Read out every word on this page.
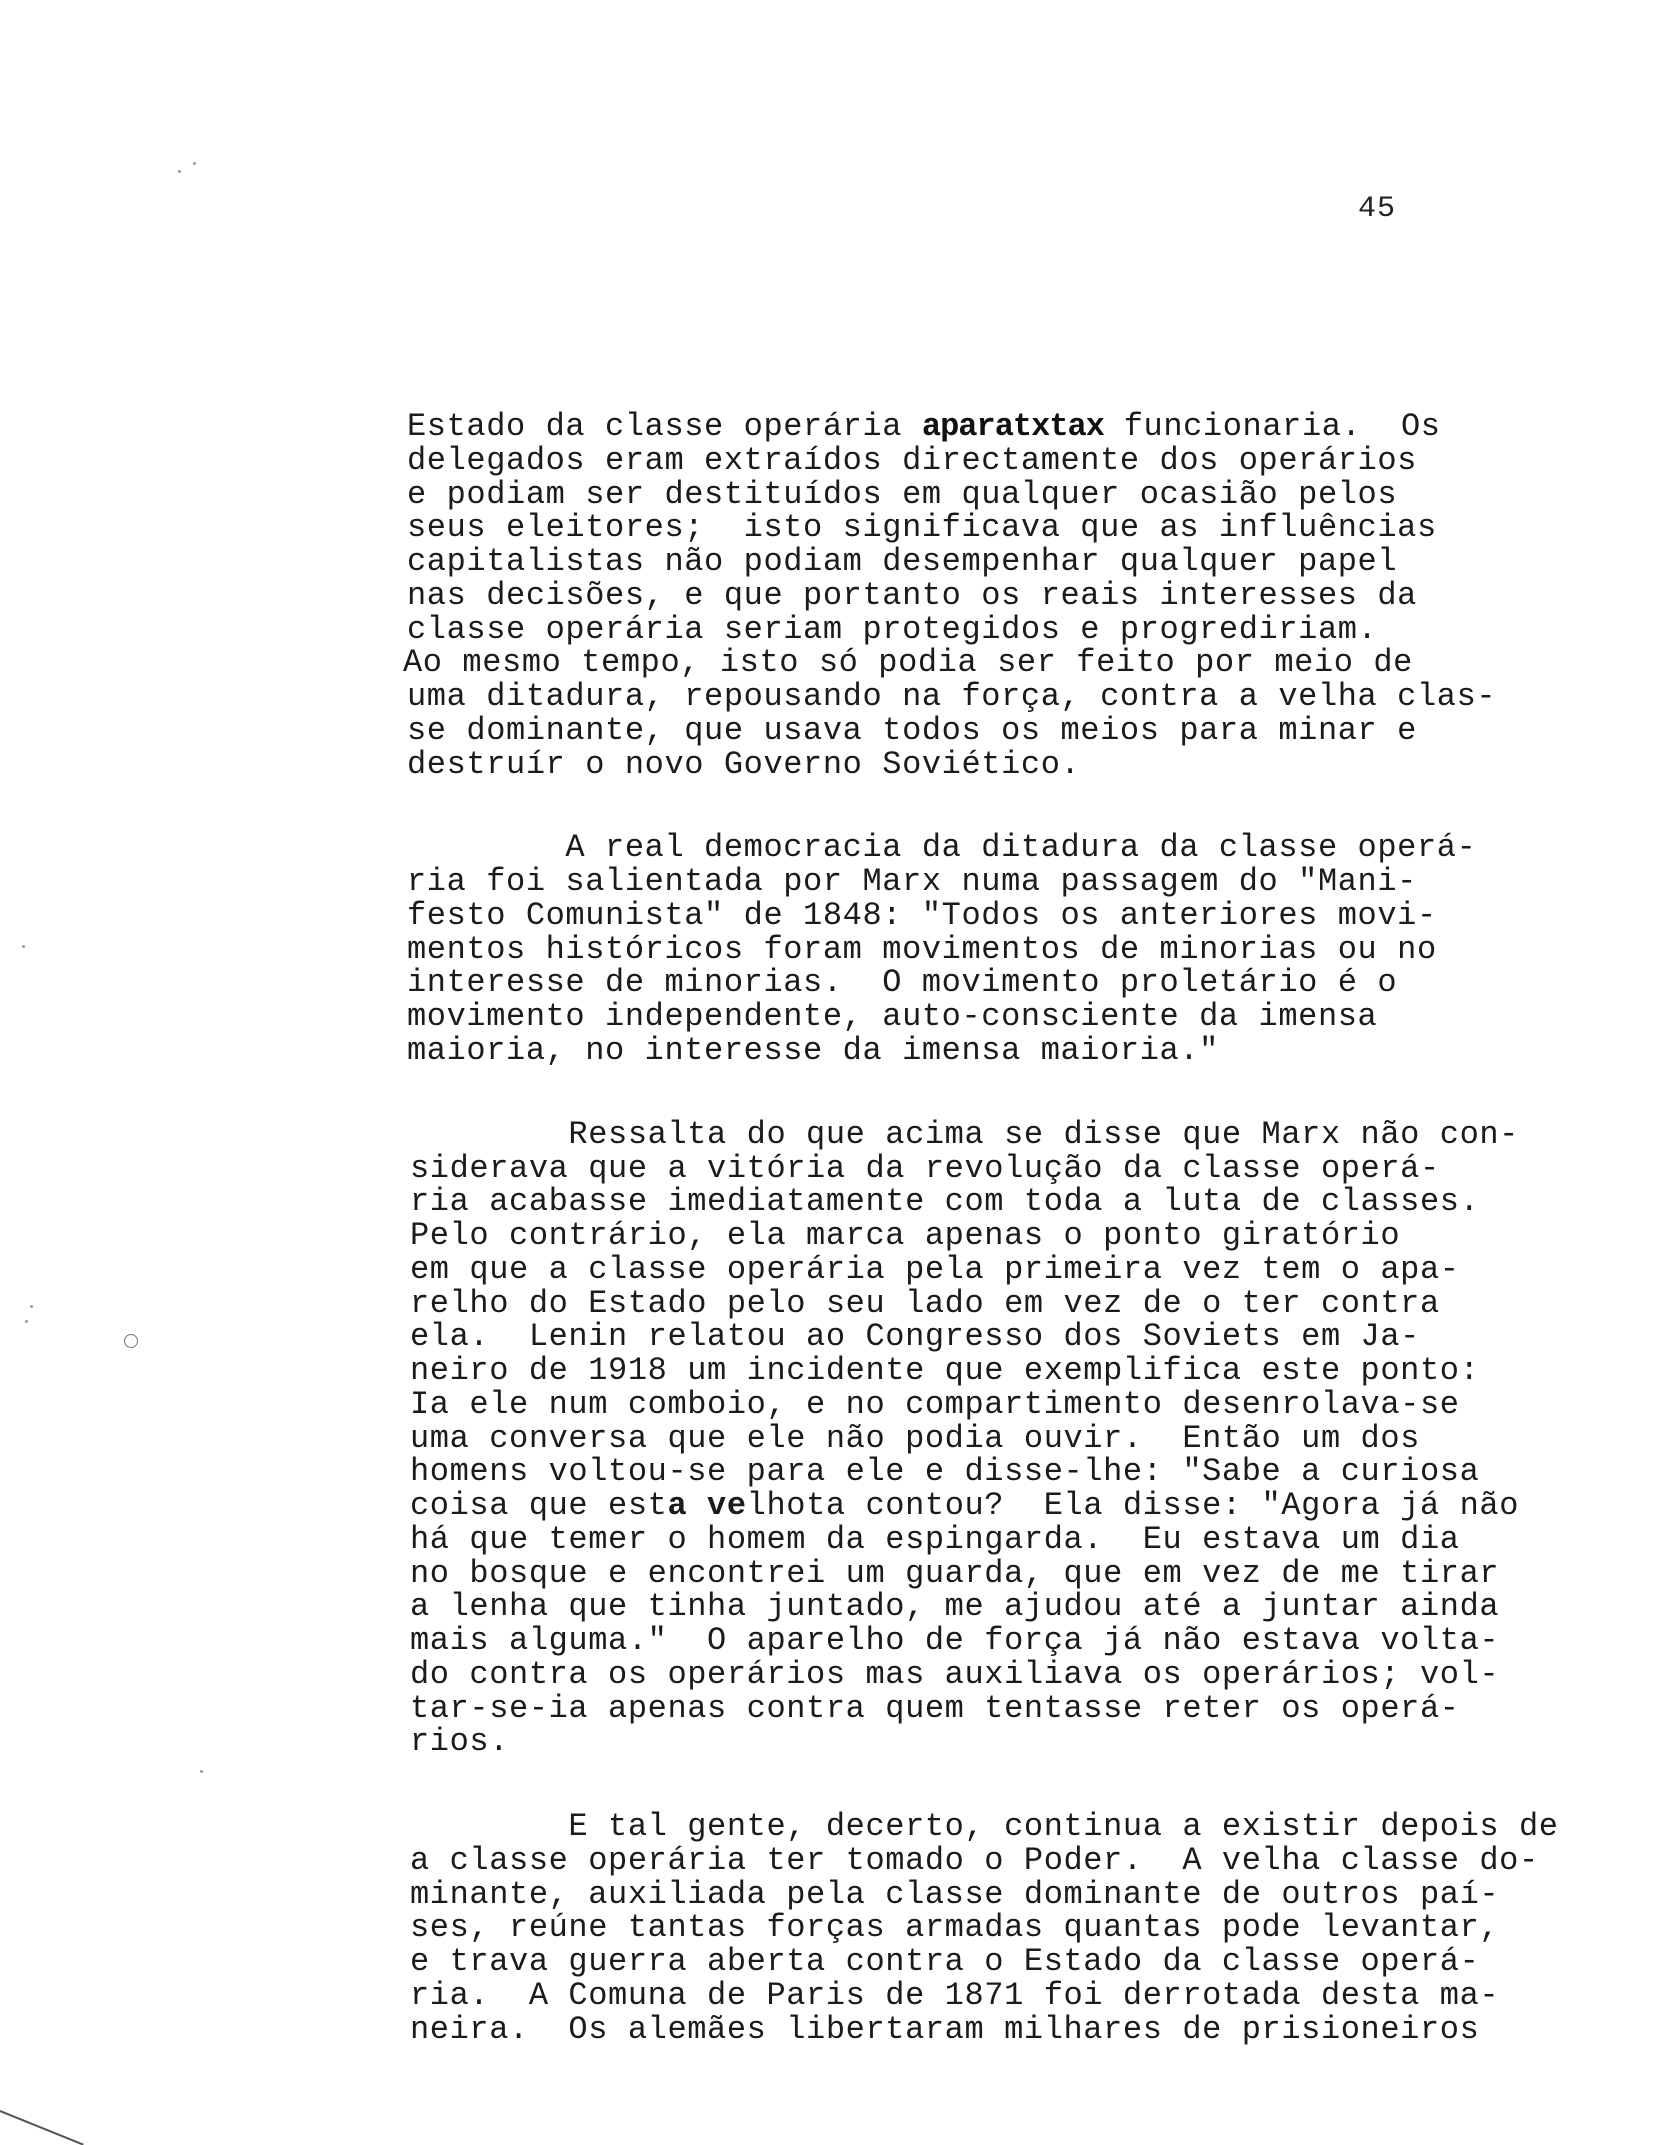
45
Estado da classe operária aparatxtax funcionaria.  Os
delegados eram extraídos directamente dos operários
e podiam ser destituídos em qualquer ocasião pelos
seus eleitores;  isto significava que as influências
capitalistas não podiam desempenhar qualquer papel
nas decisões, e que portanto os reais interesses da
classe operária seriam protegidos e progrediriam.
Ao mesmo tempo, isto só podia ser feito por meio de
uma ditadura, repousando na força, contra a velha clas-
se dominante, que usava todos os meios para minar e
destruír o novo Governo Soviético.
A real democracia da ditadura da classe operá-
ria foi salientada por Marx numa passagem do "Mani-
festo Comunista" de 1848: "Todos os anteriores movi-
mentos históricos foram movimentos de minorias ou no
interesse de minorias.  O movimento proletário é o
movimento independente, auto-consciente da imensa
maioria, no interesse da imensa maioria."
Ressalta do que acima se disse que Marx não con-
siderava que a vitória da revolução da classe operá-
ria acabasse imediatamente com toda a luta de classes.
Pelo contrário, ela marca apenas o ponto giratório
em que a classe operária pela primeira vez tem o apa-
relho do Estado pelo seu lado em vez de o ter contra
ela.  Lenin relatou ao Congresso dos Soviets em Ja-
neiro de 1918 um incidente que exemplifica este ponto:
Ia ele num comboio, e no compartimento desenrolava-se
uma conversa que ele não podia ouvir.  Então um dos
homens voltou-se para ele e disse-lhe: "Sabe a curiosa
coisa que esta velhota contou?  Ela disse: "Agora já não
há que temer o homem da espingarda.  Eu estava um dia
no bosque e encontrei um guarda, que em vez de me tirar
a lenha que tinha juntado, me ajudou até a juntar ainda
mais alguma."  O aparelho de força já não estava volta-
do contra os operários mas auxiliava os operários; vol-
tar-se-ia apenas contra quem tentasse reter os operá-
rios.
E tal gente, decerto, continua a existir depois de
a classe operária ter tomado o Poder.  A velha classe do-
minante, auxiliada pela classe dominante de outros paí-
ses, reúne tantas forças armadas quantas pode levantar,
e trava guerra aberta contra o Estado da classe operá-
ria.  A Comuna de Paris de 1871 foi derrotada desta ma-
neira.  Os alemães libertaram milhares de prisioneiros
